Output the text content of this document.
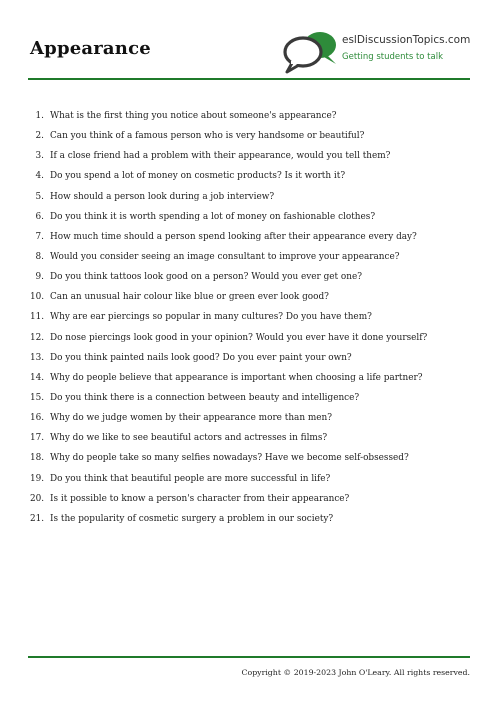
Appearance	eslDiscussionTopics.com
Getting students to talk
1. What is the first thing you notice about someone's appearance?
2. Can you think of a famous person who is very handsome or beautiful?
3. If a close friend had a problem with their appearance, would you tell them?
4. Do you spend a lot of money on cosmetic products? Is it worth it?
5. How should a person look during a job interview?
6. Do you think it is worth spending a lot of money on fashionable clothes?
7. How much time should a person spend looking after their appearance every day?
8. Would you consider seeing an image consultant to improve your appearance?
9. Do you think tattoos look good on a person? Would you ever get one?
10. Can an unusual hair colour like blue or green ever look good?
11. Why are ear piercings so popular in many cultures? Do you have them?
12. Do nose piercings look good in your opinion? Would you ever have it done yourself?
13. Do you think painted nails look good? Do you ever paint your own?
14. Why do people believe that appearance is important when choosing a life partner?
15. Do you think there is a connection between beauty and intelligence?
16. Why do we judge women by their appearance more than men?
17. Why do we like to see beautiful actors and actresses in films?
18. Why do people take so many selfies nowadays? Have we become self-obsessed?
19. Do you think that beautiful people are more successful in life?
20. Is it possible to know a person's character from their appearance?
21. Is the popularity of cosmetic surgery a problem in our society?
Copyright © 2019-2023 John O'Leary. All rights reserved.
